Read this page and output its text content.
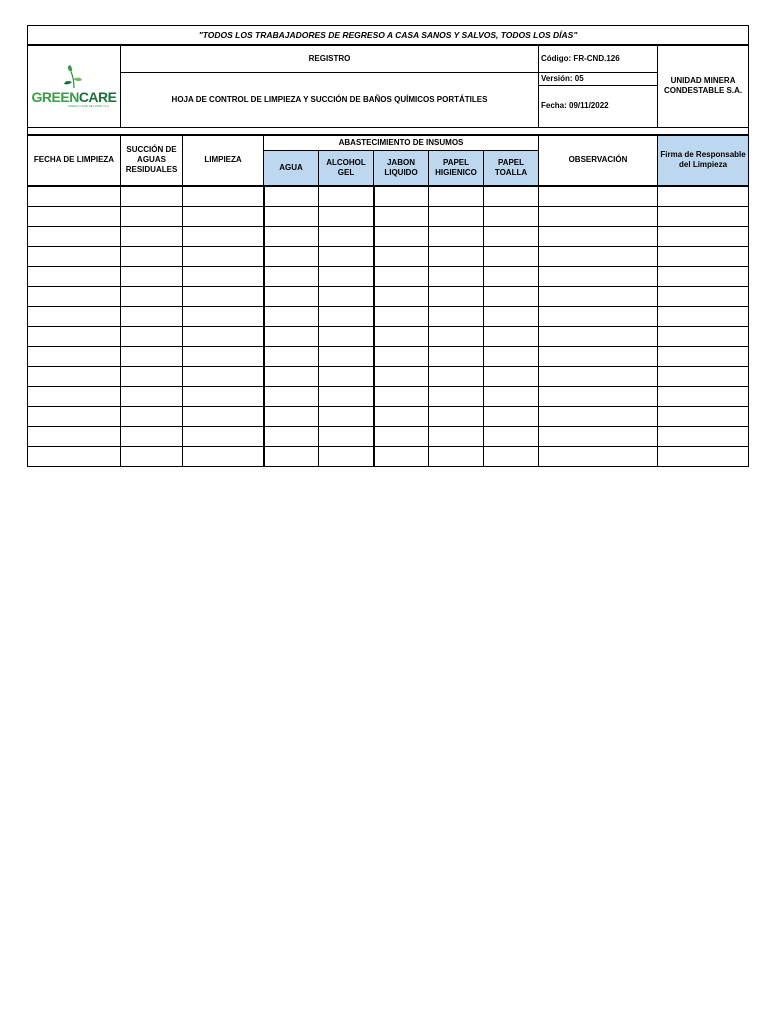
"TODOS LOS TRABAJADORES DE REGRESO A CASA SANOS Y SALVOS, TODOS LOS DÍAS"									

GREENCARE
GREEN CARE DEL PERU S.A.	REGISTRO							Código: FR-CND.126	UNIDAD MINERA CONDESTABLE S.A.
	HOJA DE CONTROL DE LIMPIEZA Y SUCCIÓN DE BAÑOS QUÍMICOS PORTÁTILES							Versión: 05	
								Fecha: 09/11/2022	

FECHA DE LIMPIEZA	SUCCIÓN DE AGUAS RESIDUALES	LIMPIEZA	ABASTECIMIENTO DE INSUMOS					OBSERVACIÓN	Firma de Responsable del Limpieza
			AGUA	ALCOHOL GEL	JABON LIQUIDO	PAPEL HIGIENICO	PAPEL TOALLA		
